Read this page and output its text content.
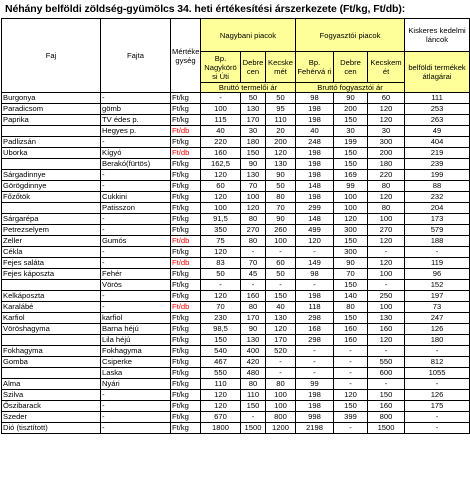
Néhány belföldi zöldség-gyümölcs 34. heti értékesítési árszerkezete (Ft/kg, Ft/db):
Faj	Fajta	Mértéke gység	Nagybani piacok			Fogyasztói piacok			Kiskeres kedelmi láncok

			Bp. Nagykörö si Úti	Debre cen	Kecske mét	Bp. Fehérvá ri	Debre cen	Kecskem ét	belföldi termékek átlagárai
			Bruttó termelői ár			Bruttó fogyasztói ár			
Burgonya	-	Ft/kg	-	50	50	98	90	60	111
Paradicsom	gömb	Ft/kg	100	130	95	198	200	120	253
Paprika	TV édes p.	Ft/kg	115	170	110	198	150	120	263
	Hegyes p.	Ft/db	40	30	20	40	30	30	49
Padlizsán	-	Ft/kg	220	180	200	248	199	300	404
Uborka	Kígyó	Ft/db	160	150	120	198	150	200	219
	Berakó(fürtös)	Ft/kg	162,5	90	130	198	150	180	239
Sárgadinnye	-	Ft/kg	120	130	90	198	169	220	199
Görögdinnye	-	Ft/kg	60	70	50	148	99	80	88
Főzőtök	Cukkini	Ft/kg	120	100	80	198	100	120	232
	Patisszon	Ft/kg	100	120	70	299	100	80	204
Sárgarépa	-	Ft/kg	91,5	80	90	148	120	100	173
Petrezselyem	-	Ft/kg	350	270	260	499	300	270	579
Zeller	Gumós	Ft/db	75	80	100	120	150	120	188
Cékla	-	Ft/kg	120	-	-	-	300	-	-
Fejes saláta	-	Ft/db	83	70	60	149	90	120	119
Fejes káposzta	Fehér	Ft/kg	50	45	50	98	70	100	96
	Vörös	Ft/kg	-	-	-	-	150	-	152
Kelkáposzta	-	Ft/kg	120	160	150	198	140	250	197
Karalábé	-	Ft/db	70	80	40	118	80	100	73
Karfiol	karfiol	Ft/kg	230	170	130	298	150	130	247
Vöröshagyma	Barna héjú	Ft/kg	98,5	90	120	168	160	160	126
	Lila héjú	Ft/kg	150	130	170	298	160	120	180
Fokhagyma	Fokhagyma	Ft/kg	540	400	520	-	-	-	-
Gomba	Csiperke	Ft/kg	467	420	-	-	-	550	812
	Laska	Ft/kg	550	480	-	-	-	600	1055
Alma	Nyári	Ft/kg	110	80	80	99	-	-	-
Szilva	-	Ft/kg	120	110	100	198	120	150	126
Őszibarack	-	Ft/kg	120	150	100	198	150	160	175
Szeder	-	Ft/kg	670	-	800	998	399	800	-
Dió (tisztított)	-	Ft/kg	1800	1500	1200	2198	-	1500	-
